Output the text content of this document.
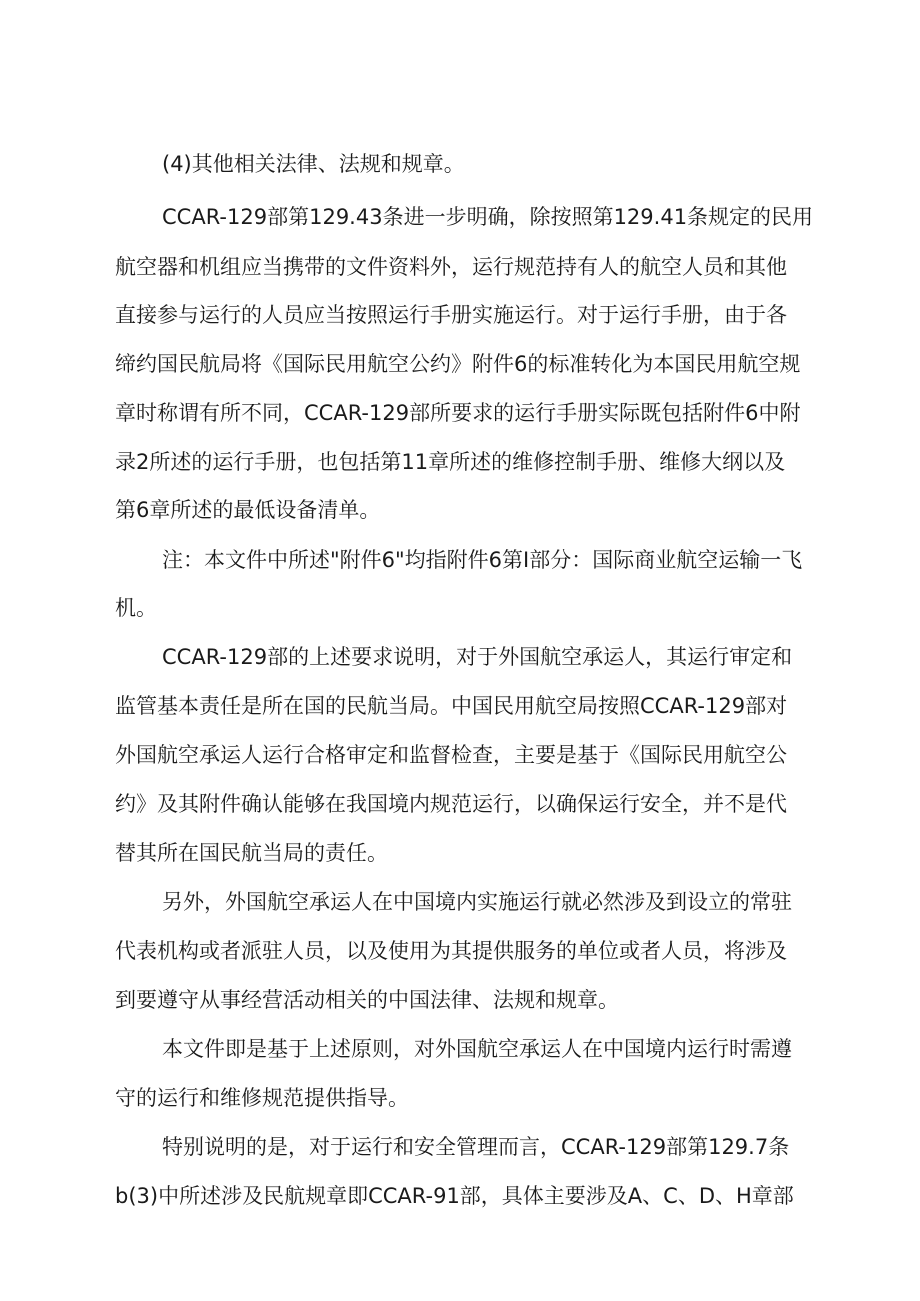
(4)其他相关法律、法规和规章。
CCAR-129部第129.43条进一步明确，除按照第129.41条规定的民用
航空器和机组应当携带的文件资料外，运行规范持有人的航空人员和其他
直接参与运行的人员应当按照运行手册实施运行。对于运行手册，由于各
缔约国民航局将《国际民用航空公约》附件6的标准转化为本国民用航空规
章时称谓有所不同，CCAR-129部所要求的运行手册实际既包括附件6中附
录2所述的运行手册，也包括第11章所述的维修控制手册、维修大纲以及
第6章所述的最低设备清单。
注：本文件中所述"附件6"均指附件6第I部分：国际商业航空运输一飞
机。
CCAR-129部的上述要求说明，对于外国航空承运人，其运行审定和
监管基本责任是所在国的民航当局。中国民用航空局按照CCAR-129部对
外国航空承运人运行合格审定和监督检查，主要是基于《国际民用航空公
约》及其附件确认能够在我国境内规范运行，以确保运行安全，并不是代
替其所在国民航当局的责任。
另外，外国航空承运人在中国境内实施运行就必然涉及到设立的常驻
代表机构或者派驻人员，以及使用为其提供服务的单位或者人员，将涉及
到要遵守从事经营活动相关的中国法律、法规和规章。
本文件即是基于上述原则，对外国航空承运人在中国境内运行时需遵
守的运行和维修规范提供指导。
特别说明的是，对于运行和安全管理而言，CCAR-129部第129.7条
b(3)中所述涉及民航规章即CCAR-91部，具体主要涉及A、C、D、H章部
